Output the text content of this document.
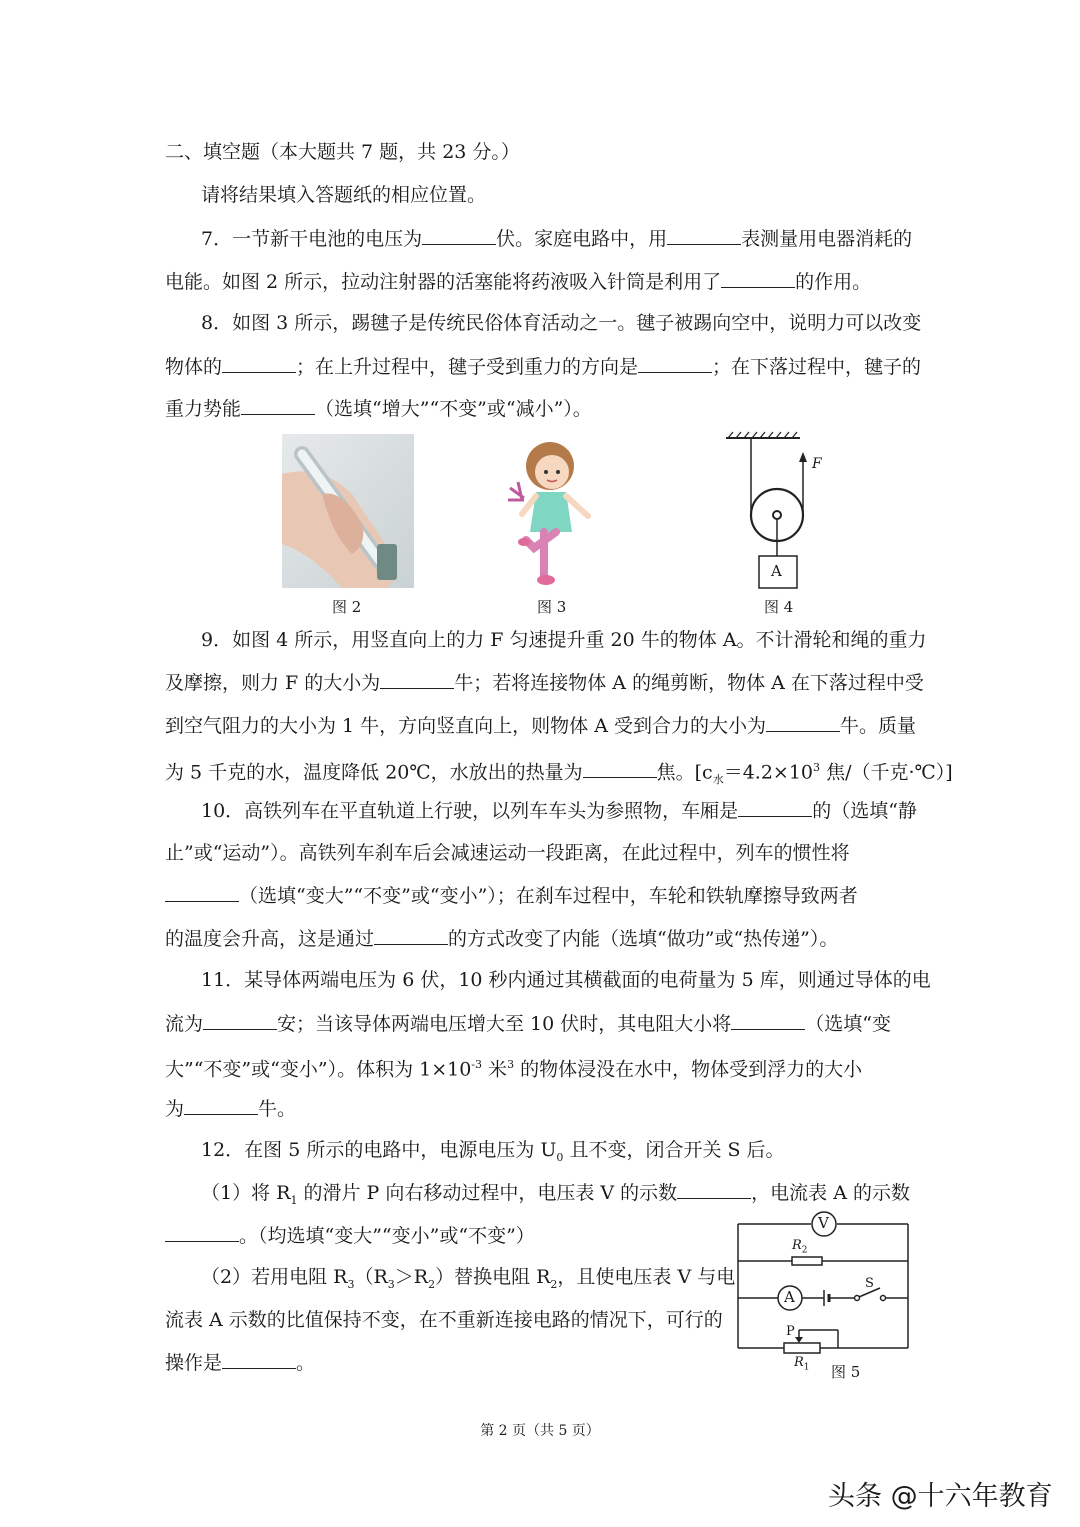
二、填空题（本大题共 7 题，共 23 分。）
请将结果填入答题纸的相应位置。
7．一节新干电池的电压为	伏。家庭电路中，用	表测量用电器消耗的
电能。如图 2 所示，拉动注射器的活塞能将药液吸入针筒是利用了	的作用。
8．如图 3 所示，踢毽子是传统民俗体育活动之一。毽子被踢向空中，说明力可以改变
物体的	；在上升过程中，毽子受到重力的方向是	；在下落过程中，毽子的
重力势能	（选填“增大”“不变”或“减小”）。
图 2	图 3
F
A
图 4
9．如图 4 所示，用竖直向上的力 F 匀速提升重 20 牛的物体 A。不计滑轮和绳的重力
及摩擦，则力 F 的大小为	牛；若将连接物体 A 的绳剪断，物体 A 在下落过程中受
到空气阻力的大小为 1 牛，方向竖直向上，则物体 A 受到合力的大小为	牛。质量
为 5 千克的水，温度降低 20℃，水放出的热量为	焦。[$c_水=4.2\times 10^3$ 焦/（千克·℃）]
10．高铁列车在平直轨道上行驶，以列车车头为参照物，车厢是	的（选填“静
止”或“运动”）。高铁列车刹车后会减速运动一段距离，在此过程中，列车的惯性将
（选填“变大”“不变”或“变小”）；在刹车过程中，车轮和铁轨摩擦导致两者
的温度会升高，这是通过	的方式改变了内能（选填“做功”或“热传递”）。
11．某导体两端电压为 6 伏，10 秒内通过其横截面的电荷量为 5 库，则通过导体的电
流为	安；当该导体两端电压增大至 10 伏时，其电阻大小将	（选填“变
大”“不变”或“变小”）。体积为 $1\times 10^{-3}$ 米$^3$ 的物体浸没在水中，物体受到浮力的大小
为	牛。
12．在图 5 所示的电路中，电源电压为 $U_0$ 且不变，闭合开关 S 后。
（1）将 $R_1$ 的滑片 P 向右移动过程中，电压表 V 的示数	，电流表 A 的示数
。（均选填“变大”“变小”或“不变”）
（2）若用电阻 $R_3(R_3>R_2)$替换电阻 $R_2$，且使电压表 V 与电
流表 A 示数的比值保持不变，在不重新连接电路的情况下，可行的
操作是	。
V
A
$R_2$
S
P
$R_1$ 图 5
第 2 页（共 5 页）
头条 @十六年教育
